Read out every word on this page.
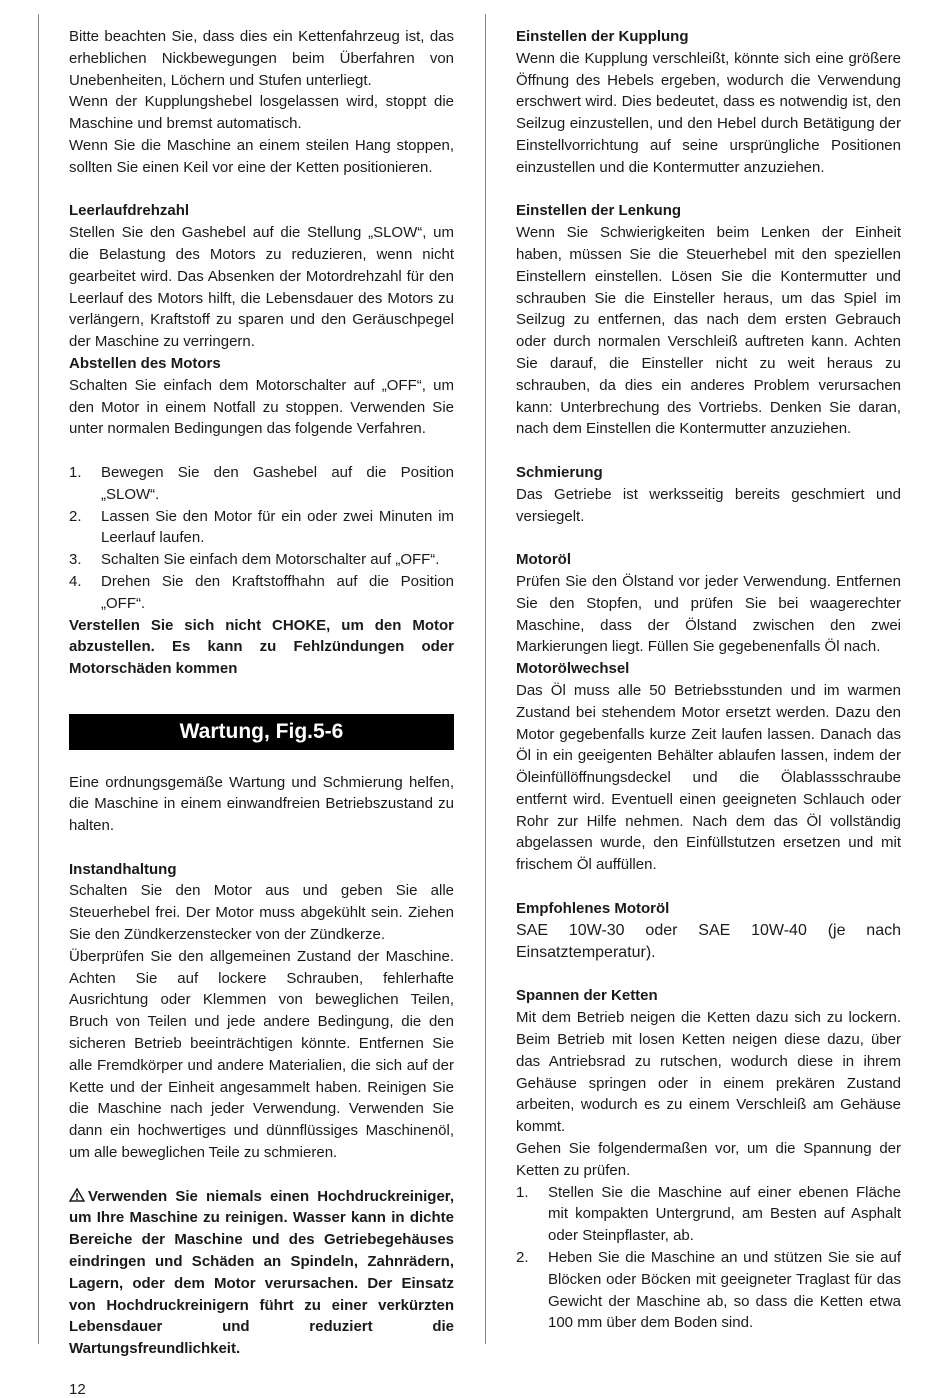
Bitte beachten Sie, dass dies ein Kettenfahrzeug ist, das erheblichen Nickbewegungen beim Überfahren von Unebenheiten, Löchern und Stufen unterliegt.

Wenn der Kupplungshebel losgelassen wird, stoppt die Maschine und bremst automatisch.

Wenn Sie die Maschine an einem steilen Hang stoppen, sollten Sie einen Keil vor eine der Ketten positionieren.

Leerlaufdrehzahl

Stellen Sie den Gashebel auf die Stellung „SLOW“, um die Belastung des Motors zu reduzieren, wenn nicht gearbeitet wird. Das Absenken der Motordrehzahl für den Leerlauf des Motors hilft, die Lebensdauer des Motors zu verlängern, Kraftstoff zu sparen und den Geräuschpegel der Maschine zu verringern.

Abstellen des Motors

Schalten Sie einfach dem Motorschalter auf „OFF“, um den Motor in einem Notfall zu stoppen. Verwenden Sie unter normalen Bedingungen das folgende Verfahren.

1.	Bewegen Sie den Gashebel auf die Position „SLOW“.
2.	Lassen Sie den Motor für ein oder zwei Minuten im Leerlauf laufen.
3.	Schalten Sie einfach dem Motorschalter auf „OFF“.
4.	Drehen Sie den Kraftstoffhahn auf die Position „OFF“.

Verstellen Sie sich nicht CHOKE, um den Motor abzustellen. Es kann zu Fehlzündungen oder Motorschäden kommen

Wartung, Fig.5-6

Eine ordnungsgemäße Wartung und Schmierung helfen, die Maschine in einem einwandfreien Betriebszustand zu halten.

Instandhaltung

Schalten Sie den Motor aus und geben Sie alle Steuerhebel frei. Der Motor muss abgekühlt sein. Ziehen Sie den Zündkerzenstecker von der Zündkerze.

Überprüfen Sie den allgemeinen Zustand der Maschine. Achten Sie auf lockere Schrauben, fehlerhafte Ausrichtung oder Klemmen von beweglichen Teilen, Bruch von Teilen und jede andere Bedingung, die den sicheren Betrieb beeinträchtigen könnte. Entfernen Sie alle Fremdkörper und andere Materialien, die sich auf der Kette und der Einheit angesammelt haben. Reinigen Sie die Maschine nach jeder Verwendung. Verwenden Sie dann ein hochwertiges und dünnflüssiges Maschinenöl, um alle beweglichen Teile zu schmieren.

Verwenden Sie niemals einen Hochdruckreiniger, um Ihre Maschine zu reinigen. Wasser kann in dichte Bereiche der Maschine und des Getriebegehäuses eindringen und Schäden an Spindeln, Zahnrädern, Lagern, oder dem Motor verursachen. Der Einsatz von Hochdruckreinigern führt zu einer verkürzten Lebensdauer und reduziert die Wartungsfreundlichkeit.

Einstellen der Kupplung

Wenn die Kupplung verschleißt, könnte sich eine größere Öffnung des Hebels ergeben, wodurch die Verwendung erschwert wird. Dies bedeutet, dass es notwendig ist, den Seilzug einzustellen, und den Hebel durch Betätigung der Einstellvorrichtung auf seine ursprüngliche Positionen einzustellen und die Kontermutter anzuziehen.

Einstellen der Lenkung

Wenn Sie Schwierigkeiten beim Lenken der Einheit haben, müssen Sie die Steuerhebel mit den speziellen Einstellern einstellen. Lösen Sie die Kontermutter und schrauben Sie die Einsteller heraus, um das Spiel im Seilzug zu entfernen, das nach dem ersten Gebrauch oder durch normalen Verschleiß auftreten kann. Achten Sie darauf, die Einsteller nicht zu weit heraus zu schrauben, da dies ein anderes Problem verursachen kann: Unterbrechung des Vortriebs. Denken Sie daran, nach dem Einstellen die Kontermutter anzuziehen.

Schmierung

Das Getriebe ist werksseitig bereits geschmiert und versiegelt.

Motoröl

Prüfen Sie den Ölstand vor jeder Verwendung. Entfernen Sie den Stopfen, und prüfen Sie bei waagerechter Maschine, dass der Ölstand zwischen den zwei Markierungen liegt. Füllen Sie gegebenenfalls Öl nach.

Motorölwechsel

Das Öl muss alle 50 Betriebsstunden und im warmen Zustand bei stehendem Motor ersetzt werden. Dazu den Motor gegebenfalls kurze Zeit laufen lassen. Danach das Öl in ein geeigenten Behälter ablaufen lassen, indem der Öleinfüllöffnungsdeckel und die Ölablassschraube entfernt wird. Eventuell einen geeigneten Schlauch oder Rohr zur Hilfe nehmen. Nach dem das Öl vollständig abgelassen wurde, den Einfüllstutzen ersetzen und mit frischem Öl auffüllen.

Empfohlenes Motoröl

SAE 10W-30 oder SAE 10W-40 (je nach Einsatztemperatur).

Spannen der Ketten

Mit dem Betrieb neigen die Ketten dazu sich zu lockern. Beim Betrieb mit losen Ketten neigen diese dazu, über das Antriebsrad zu rutschen, wodurch diese in ihrem Gehäuse springen oder in einem prekären Zustand arbeiten, wodurch es zu einem Verschleiß am Gehäuse kommt.

Gehen Sie folgendermaßen vor, um die Spannung der Ketten zu prüfen.

1.	Stellen Sie die Maschine auf einer ebenen Fläche mit kompakten Untergrund, am Besten auf Asphalt oder Steinpflaster, ab.
2.	Heben Sie die Maschine an und stützen Sie sie auf Blöcken oder Böcken mit geeigneter Traglast für das Gewicht der Maschine ab, so dass die Ketten etwa 100 mm über dem Boden sind.
12
